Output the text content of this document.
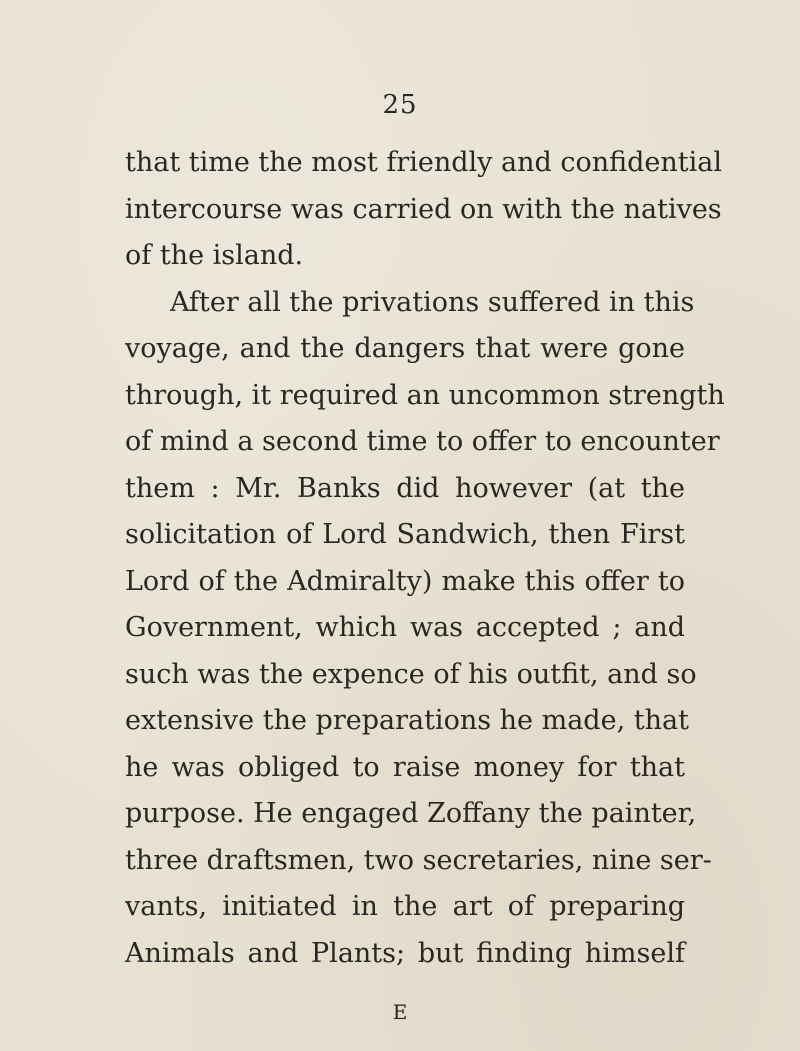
25
that time the most friendly and confidential
intercourse was carried on with the natives
of the island.
After all the privations suffered in this
voyage, and the dangers that were gone
through, it required an uncommon strength
of mind a second time to offer to encounter
them : Mr. Banks did however (at the
solicitation of Lord Sandwich, then First
Lord of the Admiralty) make this offer to
Government, which was accepted ; and
such was the expence of his outfit, and so
extensive the preparations he made, that
he was obliged to raise money for that
purpose. He engaged Zoffany the painter,
three draftsmen, two secretaries, nine ser-
vants, initiated in the art of preparing
Animals and Plants; but finding himself
E
